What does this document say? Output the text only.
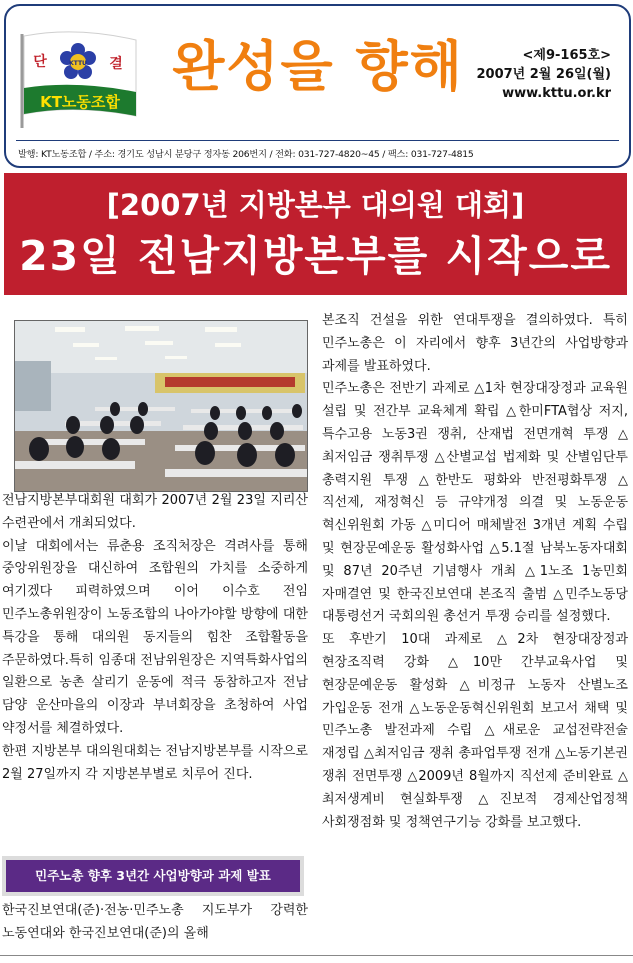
KTTU
단	결
KT노동조합
완성을 향해	<제9-165호>
2007년 2월 26일(월)
www.kttu.or.kr
발행: KT노동조합 / 주소: 경기도 성남시 분당구 정자동 206번지 / 전화: 031-727-4820~45 / 팩스: 031-727-4815
[2007년 지방본부 대의원 대회]
23일 전남지방본부를 시작으로

전남지방본부대회원 대회가 2007년 2월 23일 지리산 수련관에서 개최되었다.

이날 대회에서는 류춘용 조직처장은 격려사를 통해 중앙위원장을 대신하여 조합원의 가치를 소중하게 여기겠다 피력하였으며 이어 이수호 전임 민주노총위원장이 노동조합의 나아가야할 방향에 대한 특강을 통해 대의원 동지들의 힘찬 조합활동을 주문하였다.특히 임종대 전남위원장은 지역특화사업의 일환으로 농촌 살리기 운동에 적극 동참하고자 전남 담양 운산마을의 이장과 부녀회장을 초청하여 사업 약정서를 체결하였다.

한편 지방본부 대의원대회는 전남지방본부를 시작으로 2월 27일까지 각 지방본부별로 치루어 진다.

민주노총 향후 3년간 사업방향과 과제 발표

한국진보연대(준)·전농·민주노총 지도부가 강력한 노동연대와 한국진보연대(준)의 올해

본조직 건설을 위한 연대투쟁을 결의하였다. 특히 민주노총은 이 자리에서 향후 3년간의 사업방향과 과제를 발표하였다.

민주노총은 전반기 과제로 △1차 현장대장정과 교육원 설립 및 전간부 교육체계 확립 △한미FTA협상 저지, 특수고용 노동3권 쟁취, 산재법 전면개혁 투쟁 △최저임금 쟁취투쟁 △산별교섭 법제화 및 산별임단투 총력지원 투쟁 △한반도 평화와 반전평화투쟁 △직선제, 재정혁신 등 규약개정 의결 및 노동운동 혁신위원회 가동 △미디어 매체발전 3개년 계획 수립 및 현장문예운동 활성화사업 △5.1절 남북노동자대회 및 87년 20주년 기념행사 개최 △1노조 1농민회 자매결연 및 한국진보연대 본조직 출범 △민주노동당 대통령선거 국회의원 총선거 투쟁 승리를 설정했다.

또 후반기 10대 과제로 △2차 현장대장정과 현장조직력 강화 △10만 간부교육사업 및 현장문예운동 활성화 △비정규 노동자 산별노조 가입운동 전개 △노동운동혁신위원회 보고서 채택 및 민주노총 발전과제 수립 △새로운 교섭전략전술 재정립 △최저임금 쟁취 총파업투쟁 전개 △노동기본권 쟁취 전면투쟁 △2009년 8월까지 직선제 준비완료 △최저생계비 현실화투쟁 △진보적 경제산업정책 사회쟁점화 및 정책연구기능 강화를 보고했다.
